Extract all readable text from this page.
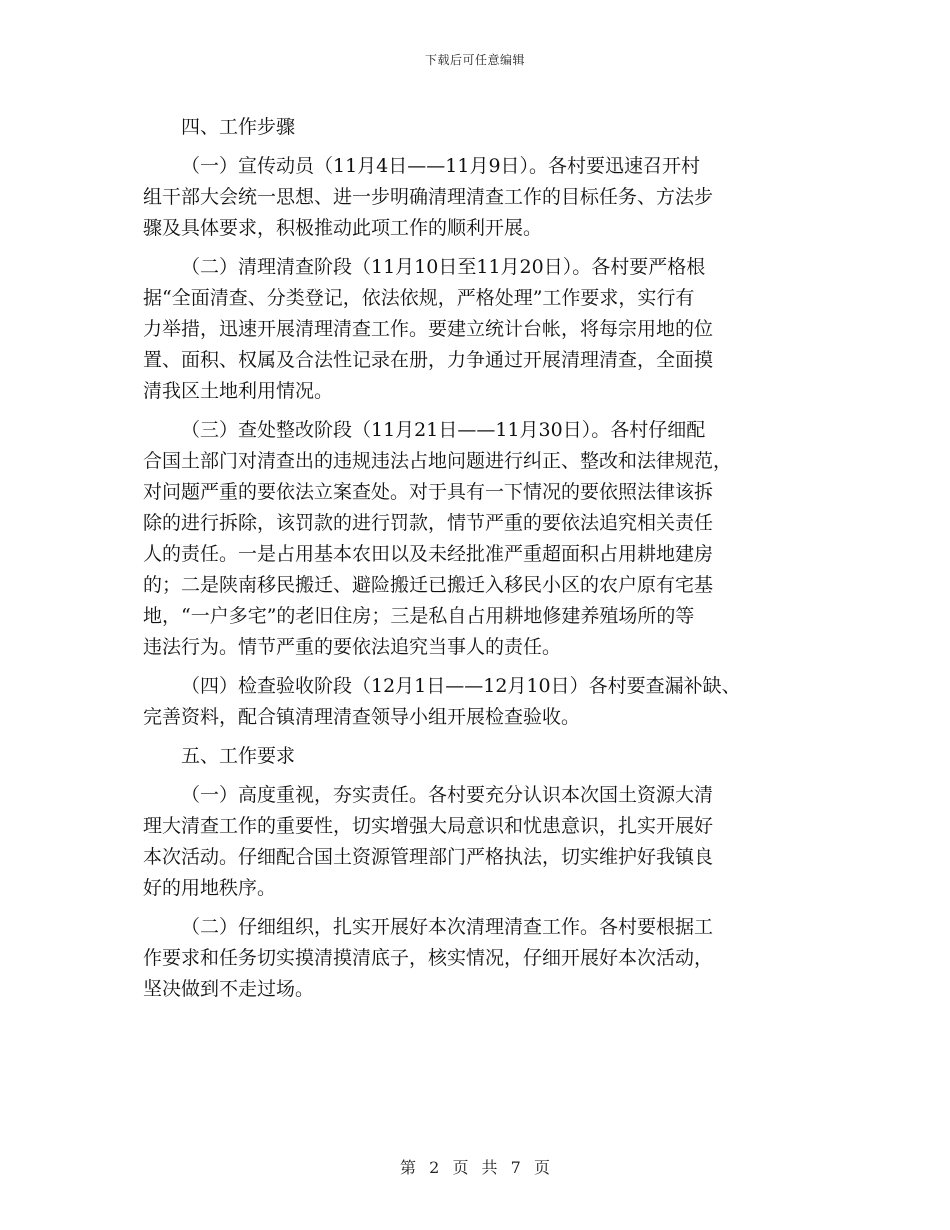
下载后可任意编辑
四、工作步骤
（一）宣传动员（11月4日——11月9日）。各村要迅速召开村
组干部大会统一思想、进一步明确清理清查工作的目标任务、方法步
骤及具体要求，积极推动此项工作的顺利开展。
（二）清理清查阶段（11月10日至11月20日）。各村要严格根
据“全面清查、分类登记，依法依规，严格处理”工作要求，实行有
力举措，迅速开展清理清查工作。要建立统计台帐，将每宗用地的位
置、面积、权属及合法性记录在册，力争通过开展清理清查，全面摸
清我区土地利用情况。
（三）查处整改阶段（11月21日——11月30日）。各村仔细配
合国土部门对清查出的违规违法占地问题进行纠正、整改和法律规范，
对问题严重的要依法立案查处。对于具有一下情况的要依照法律该拆
除的进行拆除，该罚款的进行罚款，情节严重的要依法追究相关责任
人的责任。一是占用基本农田以及未经批准严重超面积占用耕地建房
的；二是陕南移民搬迁、避险搬迁已搬迁入移民小区的农户原有宅基
地，“一户多宅”的老旧住房；三是私自占用耕地修建养殖场所的等
违法行为。情节严重的要依法追究当事人的责任。
（四）检查验收阶段（12月1日——12月10日）各村要查漏补缺、
完善资料，配合镇清理清查领导小组开展检查验收。
五、工作要求
（一）高度重视，夯实责任。各村要充分认识本次国土资源大清
理大清查工作的重要性，切实增强大局意识和忧患意识，扎实开展好
本次活动。仔细配合国土资源管理部门严格执法，切实维护好我镇良
好的用地秩序。
（二）仔细组织，扎实开展好本次清理清查工作。各村要根据工
作要求和任务切实摸清摸清底子，核实情况，仔细开展好本次活动，
坚决做到不走过场。
第 2 页 共 7 页
